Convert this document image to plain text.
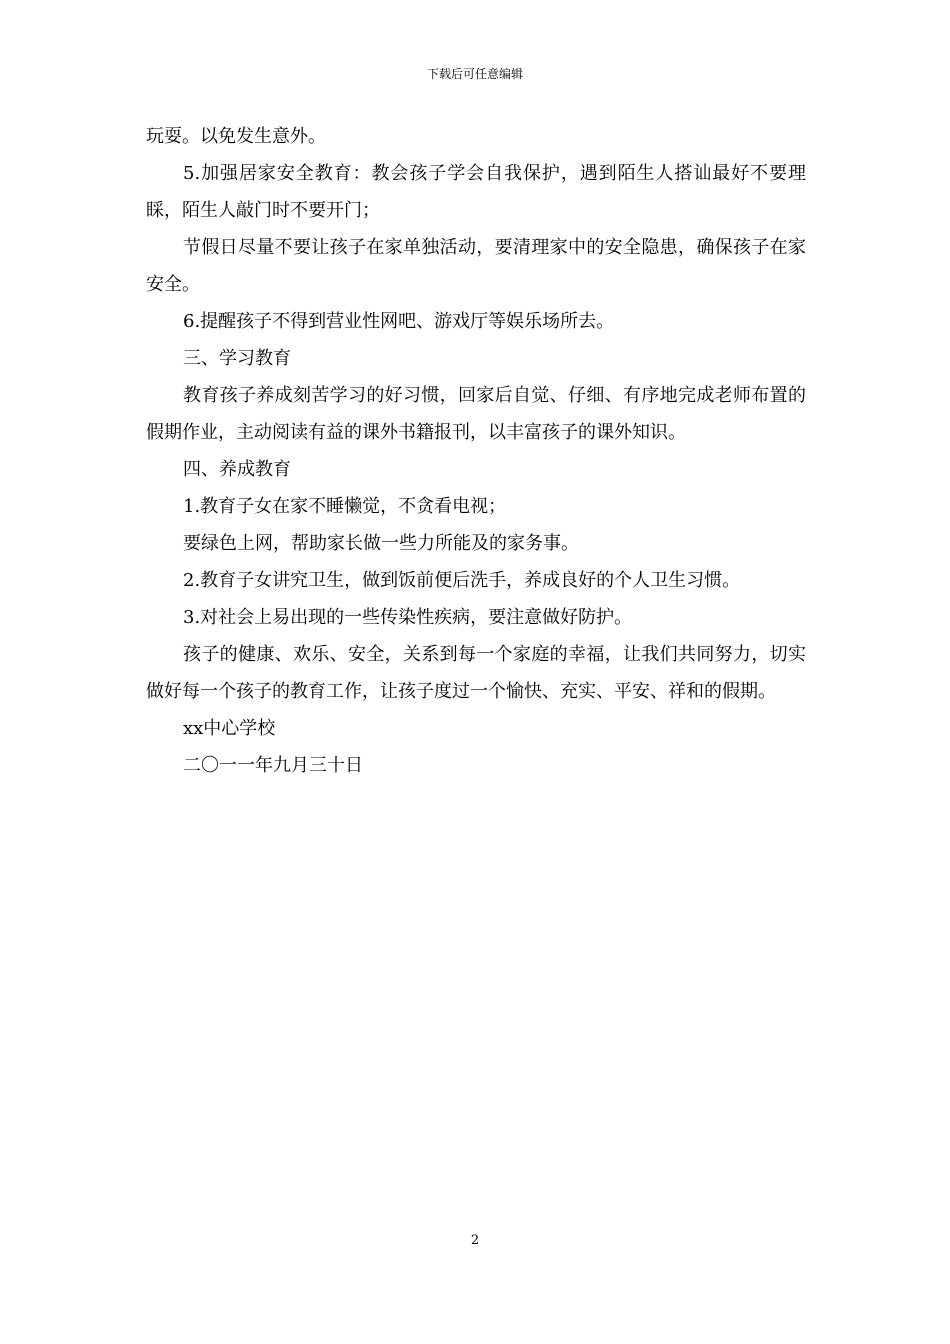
下载后可任意编辑

玩耍。以免发生意外。

5.加强居家安全教育：教会孩子学会自我保护，遇到陌生人搭讪最好不要理睬，陌生人敲门时不要开门；

节假日尽量不要让孩子在家单独活动，要清理家中的安全隐患，确保孩子在家安全。

6.提醒孩子不得到营业性网吧、游戏厅等娱乐场所去。

三、学习教育

教育孩子养成刻苦学习的好习惯，回家后自觉、仔细、有序地完成老师布置的假期作业，主动阅读有益的课外书籍报刊，以丰富孩子的课外知识。

四、养成教育

1.教育子女在家不睡懒觉，不贪看电视；

要绿色上网，帮助家长做一些力所能及的家务事。

2.教育子女讲究卫生，做到饭前便后洗手，养成良好的个人卫生习惯。

3.对社会上易出现的一些传染性疾病，要注意做好防护。

孩子的健康、欢乐、安全，关系到每一个家庭的幸福，让我们共同努力，切实做好每一个孩子的教育工作，让孩子度过一个愉快、充实、平安、祥和的假期。

xx中心学校

二〇一一年九月三十日

2
